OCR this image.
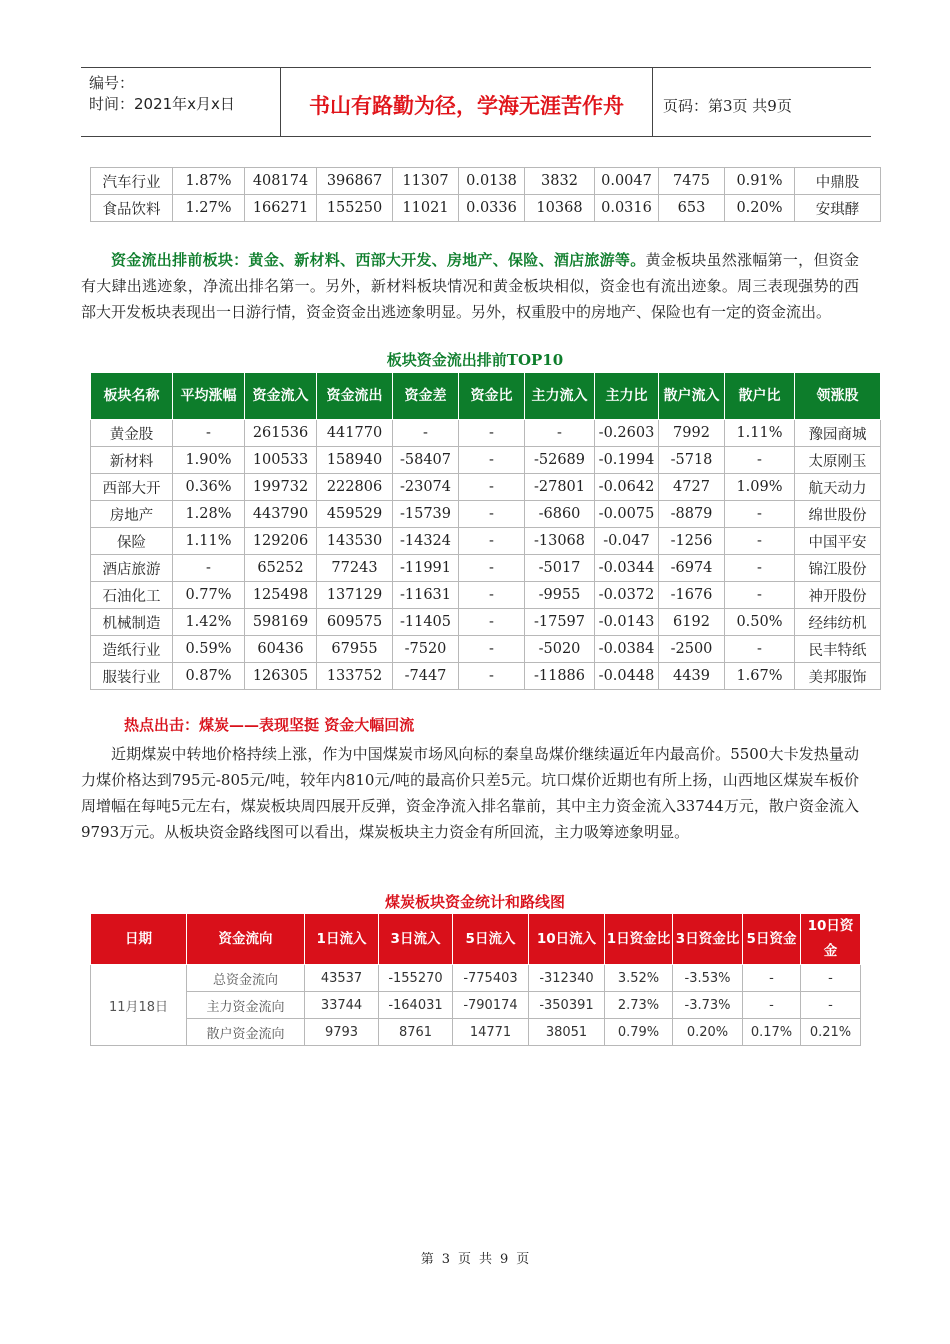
编号：
时间：2021年x月x日	书山有路勤为径，学海无涯苦作舟	页码：第3页 共9页
汽车行业	1.87%	408174	396867	11307	0.0138	3832	0.0047	7475	0.91%	中鼎股
食品饮料	1.27%	166271	155250	11021	0.0336	10368	0.0316	653	0.20%	安琪酵
资金流出排前板块：黄金、新材料、西部大开发、房地产、保险、酒店旅游等。黄金板块虽然涨幅第一，但资金有大肆出逃迹象，净流出排名第一。另外，新材料板块情况和黄金板块相似，资金也有流出迹象。周三表现强势的西部大开发板块表现出一日游行情，资金资金出逃迹象明显。另外，权重股中的房地产、保险也有一定的资金流出。
板块资金流出排前TOP10
板块名称	平均涨幅	资金流入	资金流出	资金差	资金比	主力流入	主力比	散户流入	散户比	领涨股
黄金股	-	261536	441770	-	-	-	-0.2603	7992	1.11%	豫园商城
新材料	1.90%	100533	158940	-58407	-	-52689	-0.1994	-5718	-	太原刚玉
西部大开	0.36%	199732	222806	-23074	-	-27801	-0.0642	4727	1.09%	航天动力
房地产	1.28%	443790	459529	-15739	-	-6860	-0.0075	-8879	-	绵世股份
保险	1.11%	129206	143530	-14324	-	-13068	-0.047	-1256	-	中国平安
酒店旅游	-	65252	77243	-11991	-	-5017	-0.0344	-6974	-	锦江股份
石油化工	0.77%	125498	137129	-11631	-	-9955	-0.0372	-1676	-	神开股份
机械制造	1.42%	598169	609575	-11405	-	-17597	-0.0143	6192	0.50%	经纬纺机
造纸行业	0.59%	60436	67955	-7520	-	-5020	-0.0384	-2500	-	民丰特纸
服装行业	0.87%	126305	133752	-7447	-	-11886	-0.0448	4439	1.67%	美邦服饰
热点出击：煤炭——表现坚挺 资金大幅回流
近期煤炭中转地价格持续上涨，作为中国煤炭市场风向标的秦皇岛煤价继续逼近年内最高价。5500大卡发热量动力煤价格达到795元-805元/吨，较年内810元/吨的最高价只差5元。坑口煤价近期也有所上扬，山西地区煤炭车板价周增幅在每吨5元左右，煤炭板块周四展开反弹，资金净流入排名靠前，其中主力资金流入33744万元，散户资金流入9793万元。从板块资金路线图可以看出，煤炭板块主力资金有所回流，主力吸筹迹象明显。
煤炭板块资金统计和路线图
日期	资金流向	1日流入	3日流入	5日流入	10日流入	1日资金比	3日资金比	5日资金	10日资金
11月18日	总资金流向	43537	-155270	-775403	-312340	3.52%	-3.53%	-	-
	主力资金流向	33744	-164031	-790174	-350391	2.73%	-3.73%	-	-
	散户资金流向	9793	8761	14771	38051	0.79%	0.20%	0.17%	0.21%
第 3 页 共 9 页
